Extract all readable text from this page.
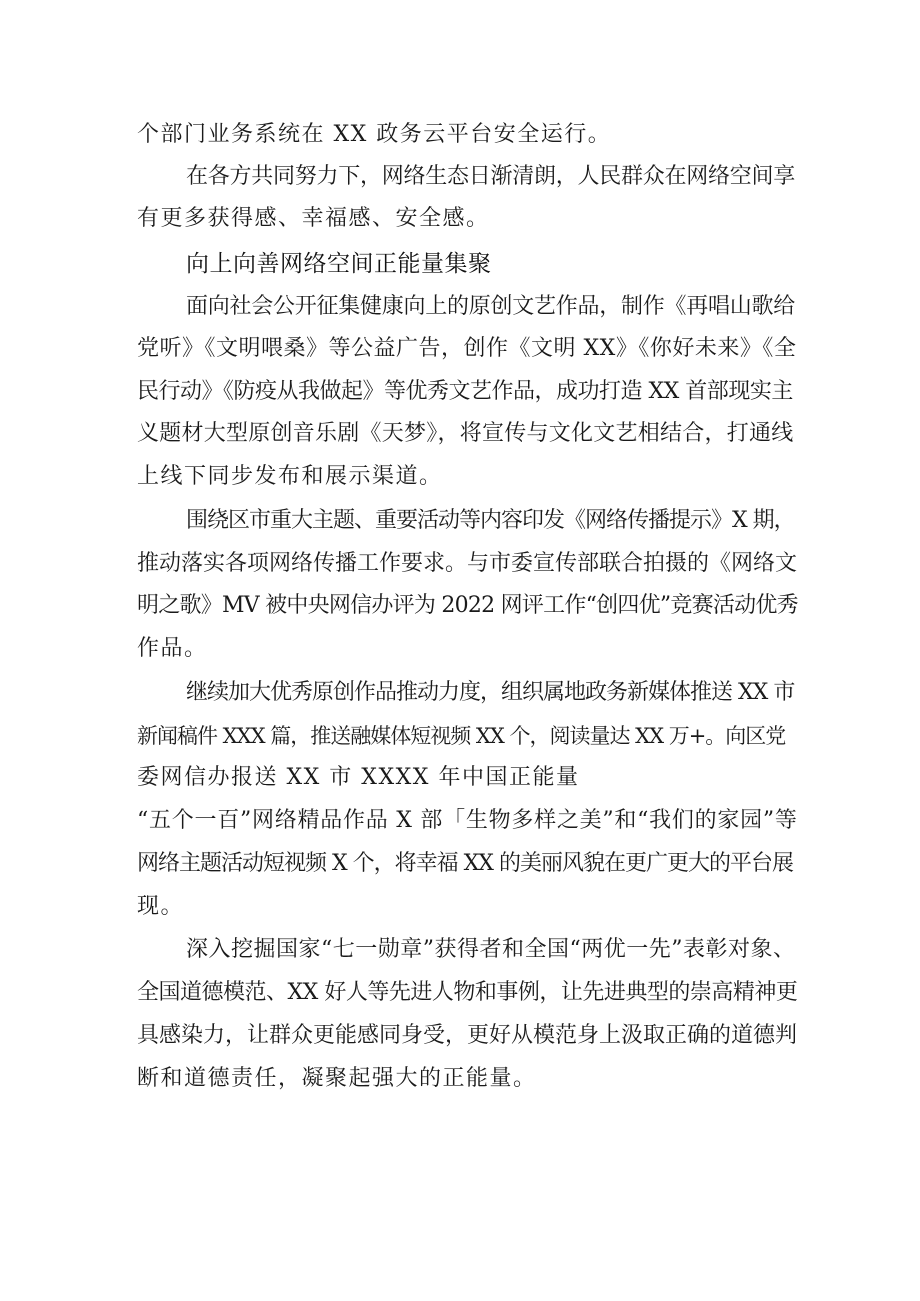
个部门业务系统在 XX 政务云平台安全运行。
在各方共同努力下，网络生态日渐清朗，人民群众在网络空间享
有更多获得感、幸福感、安全感。
向上向善网络空间正能量集聚
面向社会公开征集健康向上的原创文艺作品，制作《再唱山歌给
党听》《文明喂桑》等公益广告，创作《文明 XX》《你好未来》《全
民行动》《防疫从我做起》等优秀文艺作品，成功打造 XX 首部现实主
义题材大型原创音乐剧《天梦》，将宣传与文化文艺相结合，打通线
上线下同步发布和展示渠道。
围绕区市重大主题、重要活动等内容印发《网络传播提示》X 期，
推动落实各项网络传播工作要求。与市委宣传部联合拍摄的《网络文
明之歌》MV 被中央网信办评为 2022 网评工作“创四优”竞赛活动优秀
作品。
继续加大优秀原创作品推动力度，组织属地政务新媒体推送 XX 市
新闻稿件 XXX 篇，推送融媒体短视频 XX 个，阅读量达 XX 万+。向区党
委网信办报送 XX 市 XXXX 年中国正能量
“五个一百”网络精品作品 X 部「生物多样之美”和“我们的家园”等
网络主题活动短视频 X 个，将幸福 XX 的美丽风貌在更广更大的平台展
现。
深入挖掘国家“七一勋章”获得者和全国“两优一先”表彰对象、
全国道德模范、XX 好人等先进人物和事例，让先进典型的崇高精神更
具感染力，让群众更能感同身受，更好从模范身上汲取正确的道德判
断和道德责任，凝聚起强大的正能量。
